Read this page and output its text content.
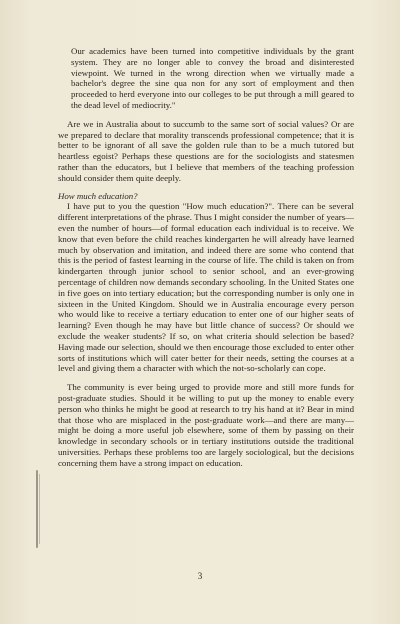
Our academics have been turned into competitive individuals by the grant system. They are no longer able to convey the broad and disinterested viewpoint. We turned in the wrong direction when we virtually made a bachelor's degree the sine qua non for any sort of employment and then proceeded to herd everyone into our colleges to be put through a mill geared to the dead level of mediocrity."

Are we in Australia about to succumb to the same sort of social values? Or are we prepared to declare that morality transcends professional competence; that it is better to be ignorant of all save the golden rule than to be a much tutored but heartless egoist? Perhaps these questions are for the sociologists and statesmen rather than the educators, but I believe that members of the teaching profession should consider them quite deeply.

How much education?

I have put to you the question "How much education?". There can be several different interpretations of the phrase. Thus I might consider the number of years—even the number of hours—of formal education each individual is to receive. We know that even before the child reaches kindergarten he will already have learned much by observation and imitation, and indeed there are some who contend that this is the period of fastest learning in the course of life. The child is taken on from kindergarten through junior school to senior school, and an ever-growing percentage of children now demands secondary schooling. In the United States one in five goes on into tertiary education; but the corresponding number is only one in sixteen in the United Kingdom. Should we in Australia encourage every person who would like to receive a tertiary education to enter one of our higher seats of learning? Even though he may have but little chance of success? Or should we exclude the weaker students? If so, on what criteria should selection be based? Having made our selection, should we then encourage those excluded to enter other sorts of institutions which will cater better for their needs, setting the courses at a level and giving them a character with which the not-so-scholarly can cope.

The community is ever being urged to provide more and still more funds for post-graduate studies. Should it be willing to put up the money to enable every person who thinks he might be good at research to try his hand at it? Bear in mind that those who are misplaced in the post-graduate work—and there are many—might be doing a more useful job elsewhere, some of them by passing on their knowledge in secondary schools or in tertiary institutions outside the traditional universities. Perhaps these problems too are largely sociological, but the decisions concerning them have a strong impact on education.

3
